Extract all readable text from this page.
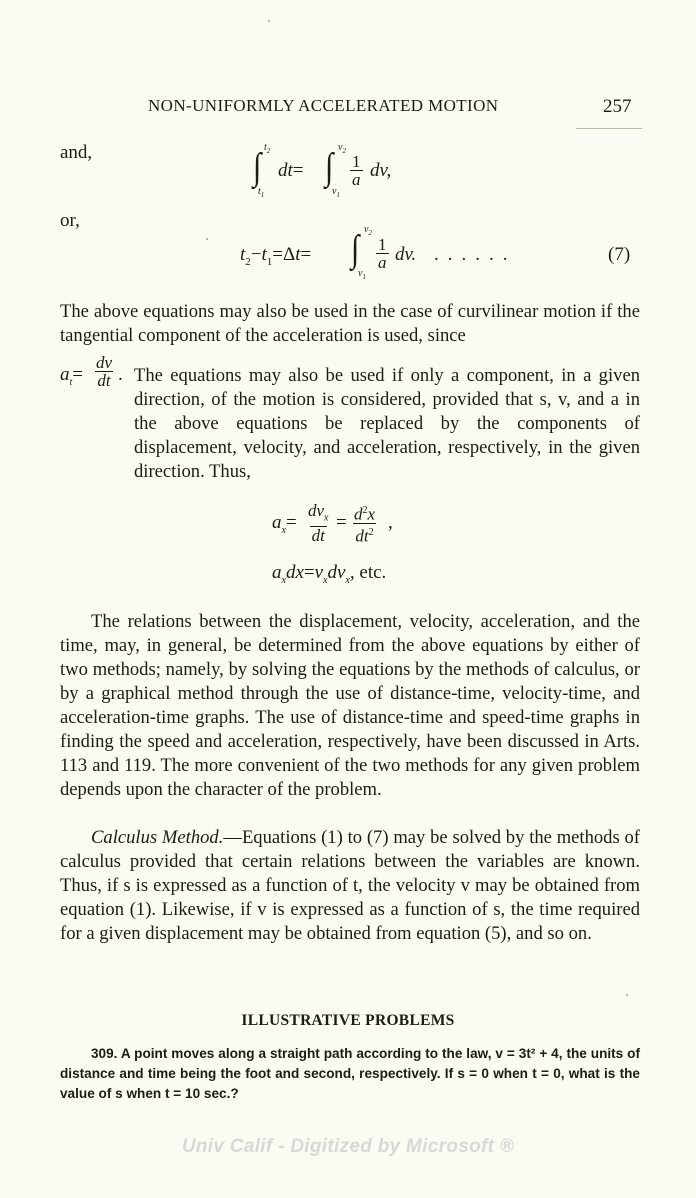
NON-UNIFORMLY ACCELERATED MOTION	257
and,	∫ $t_2$
$t_1$
dt= ∫ $v_2$
$v_1$
$\frac{1}{a}$ dv,
or,
$t_2-t_1=\Delta t=$ ∫ $v_2$
$v_1$
$\frac{1}{a}$ dv. ......	(7)

The above equations may also be used in the case of curvilinear motion if the tangential component of the acceleration is used, since

$a_t= \frac{dv}{dt}$ . The equations may also be used if only a component, in a given direction, of the motion is considered, provided that s, v, and a in the above equations be replaced by the components of displacement, velocity, and acceleration, respectively, in the given direction. Thus,

$a_x=$
$dv_x$
dt
= $\frac{d^2x}{dt^2}$ ,
$a_xdx=v_xdv_x$, etc.
The relations between the displacement, velocity, acceleration, and the time, may, in general, be determined from the above equations by either of two methods; namely, by solving the equations by the methods of calculus, or by a graphical method through the use of distance-time, velocity-time, and acceleration-time graphs. The use of distance-time and speed-time graphs in finding the speed and acceleration, respectively, have been discussed in Arts. 113 and 119. The more convenient of the two methods for any given problem depends upon the character of the problem.
Calculus Method.—Equations (1) to (7) may be solved by the methods of calculus provided that certain relations between the variables are known. Thus, if s is expressed as a function of t, the velocity v may be obtained from equation (1). Likewise, if v is expressed as a function of s, the time required for a given displacement may be obtained from equation (5), and so on.
ILLUSTRATIVE PROBLEMS
309. A point moves along a straight path according to the law, v = 3t² + 4, the units of distance and time being the foot and second, respectively. If s = 0 when t = 0, what is the value of s when t = 10 sec.?
Univ Calif - Digitized by Microsoft ®
